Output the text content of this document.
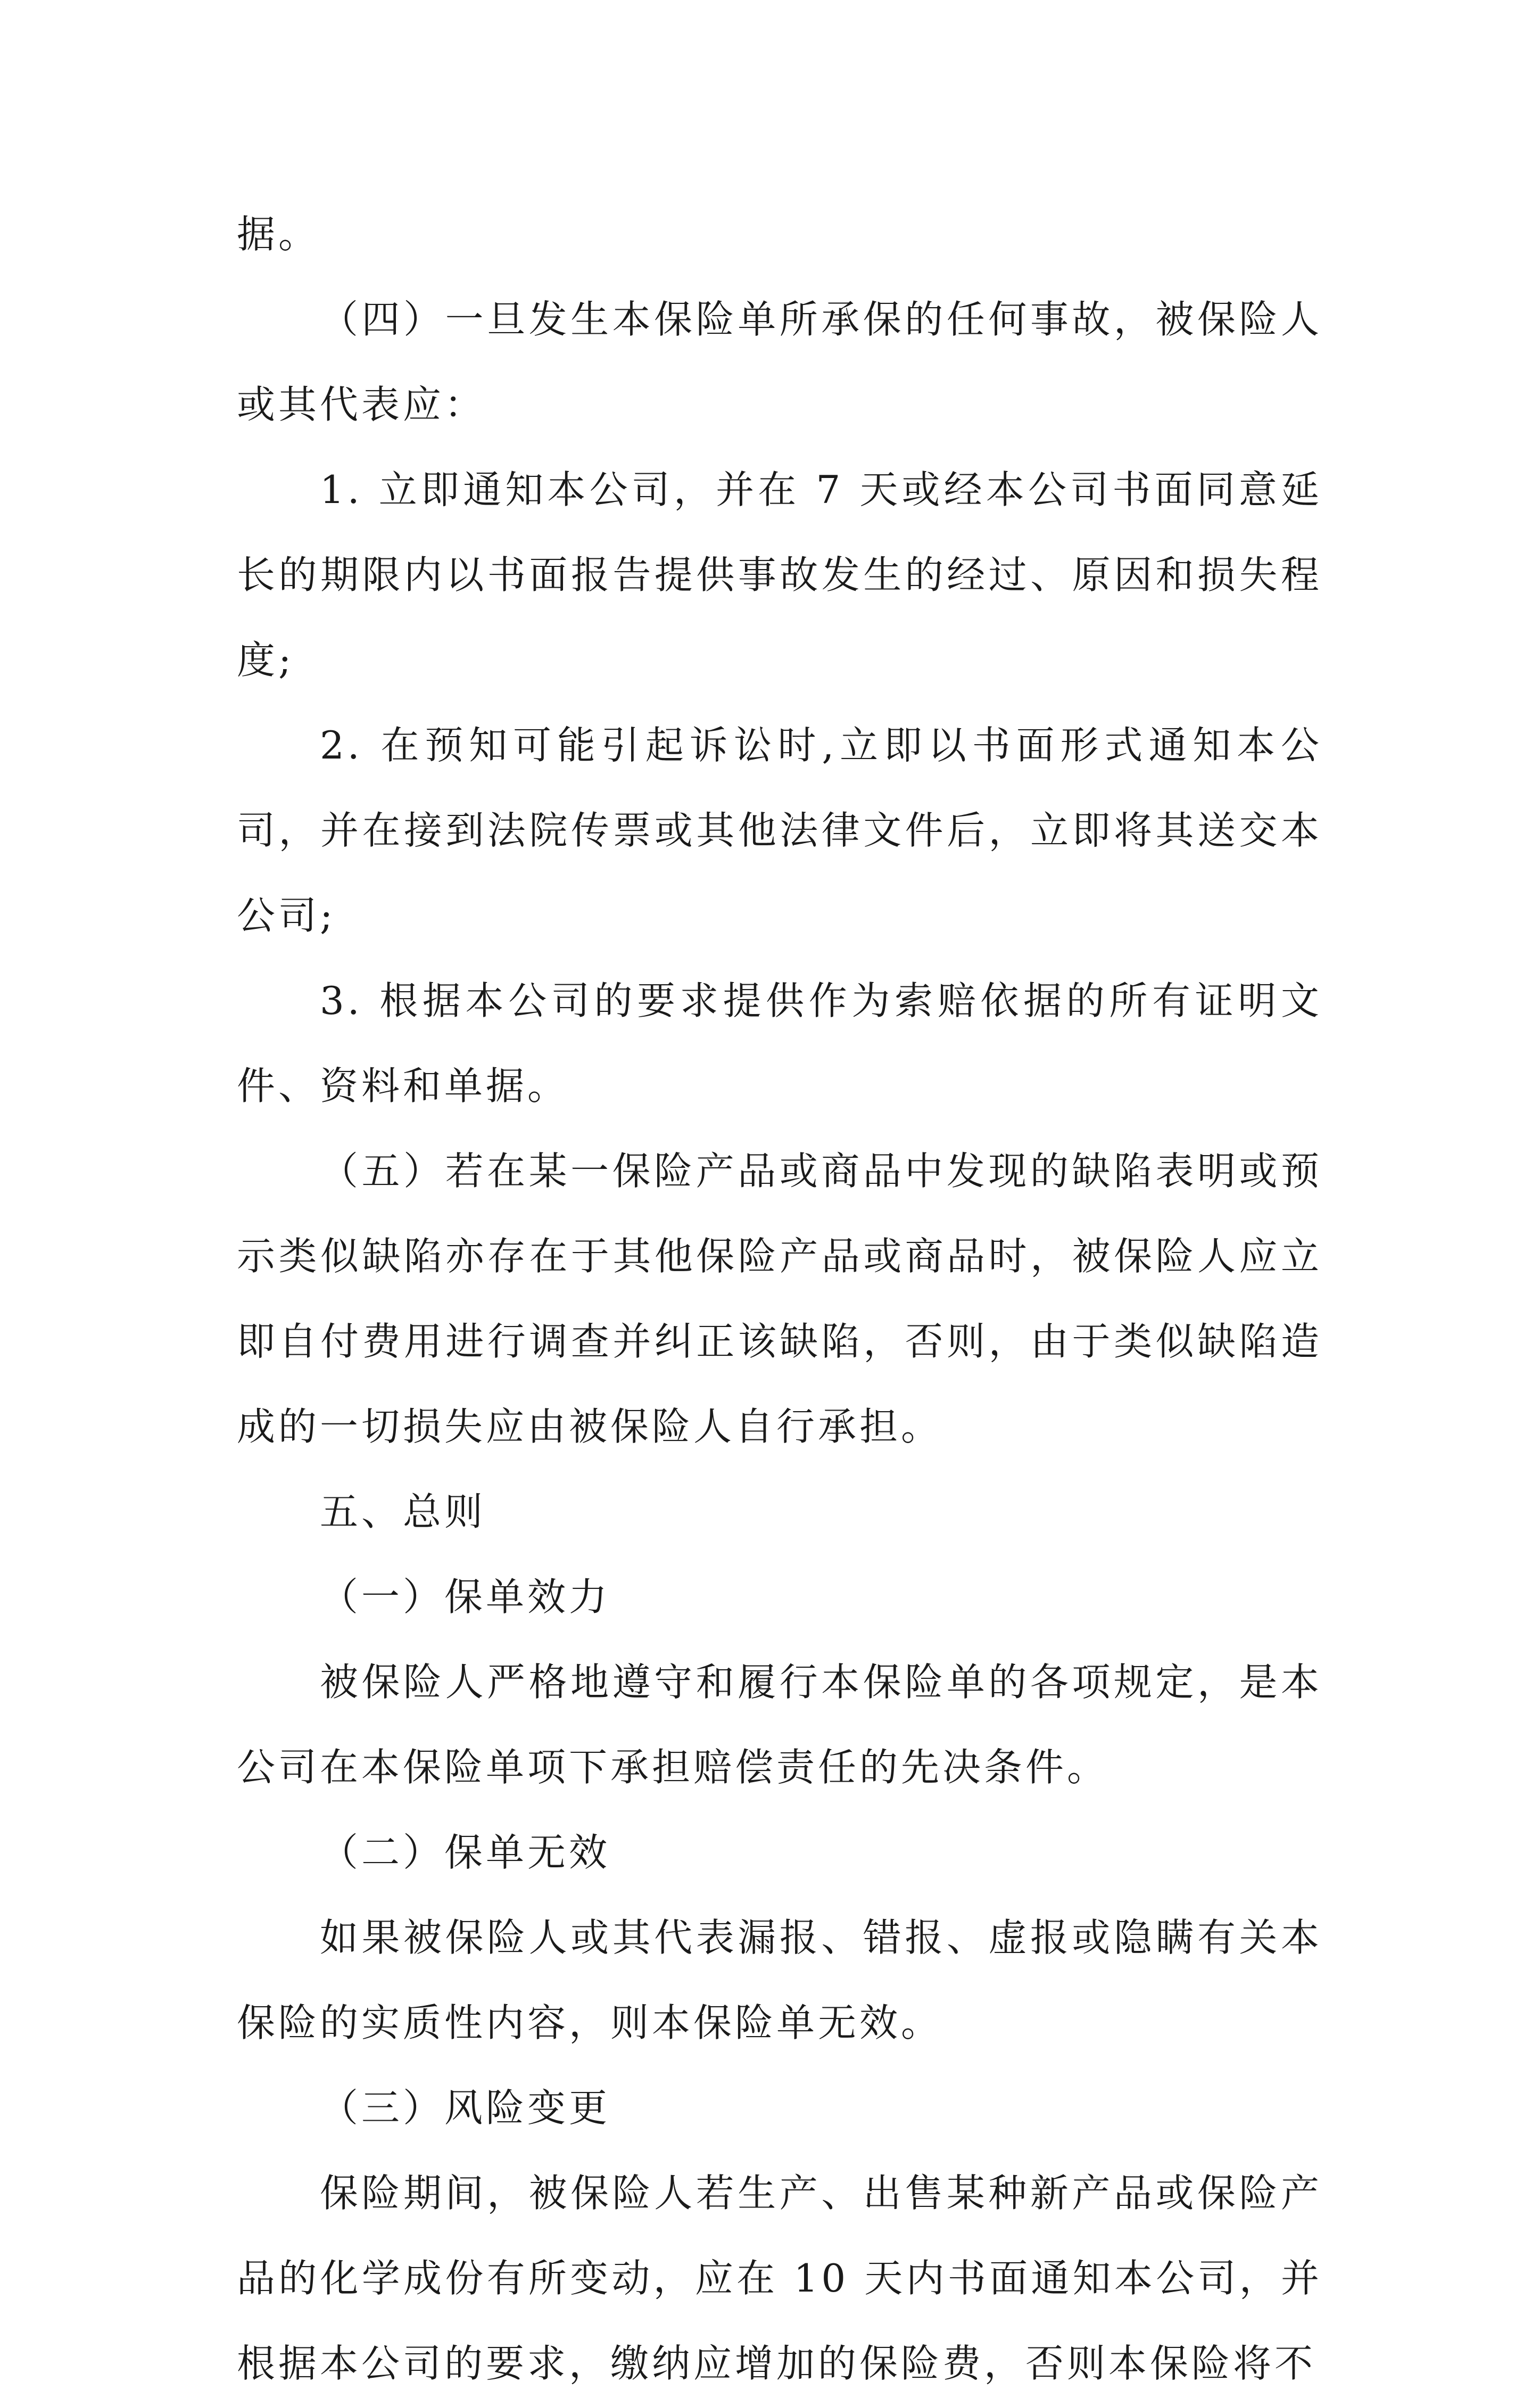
据。

（四）一旦发生本保险单所承保的任何事故，被保险人或其代表应：

1. 立即通知本公司，并在 7 天或经本公司书面同意延长的期限内以书面报告提供事故发生的经过、原因和损失程度;

2. 在预知可能引起诉讼时,立即以书面形式通知本公司，并在接到法院传票或其他法律文件后，立即将其送交本公司;

3. 根据本公司的要求提供作为索赔依据的所有证明文件、资料和单据。

（五）若在某一保险产品或商品中发现的缺陷表明或预示类似缺陷亦存在于其他保险产品或商品时，被保险人应立即自付费用进行调查并纠正该缺陷，否则，由于类似缺陷造成的一切损失应由被保险人自行承担。

五、总则

（一）保单效力

被保险人严格地遵守和履行本保险单的各项规定，是本公司在本保险单项下承担赔偿责任的先决条件。

（二）保单无效

如果被保险人或其代表漏报、错报、虚报或隐瞒有关本保险的实质性内容，则本保险单无效。

（三）风险变更

保险期间，被保险人若生产、出售某种新产品或保险产品的化学成份有所变动，应在 10 天内书面通知本公司，并根据本公司的要求，缴纳应增加的保险费，否则本保险将不
